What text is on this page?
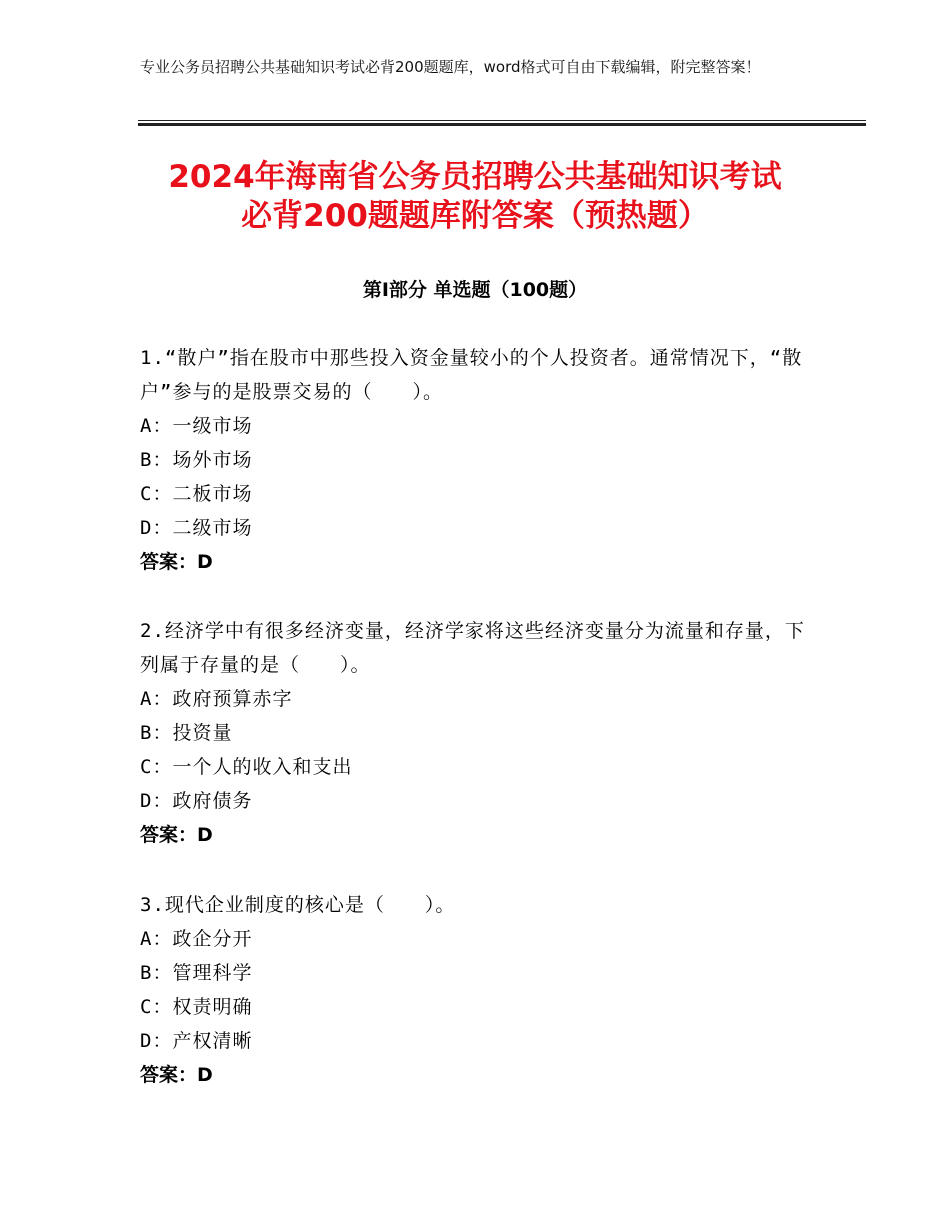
专业公务员招聘公共基础知识考试必背200题题库，word格式可自由下载编辑，附完整答案！
2024年海南省公务员招聘公共基础知识考试
必背200题题库附答案（预热题）
第Ⅰ部分 单选题（100题）

1.“散户”指在股市中那些投入资金量较小的个人投资者。通常情况下，“散户”参与的是股票交易的（　　）。

A：一级市场
B：场外市场
C：二板市场
D：二级市场
答案：D

2.经济学中有很多经济变量，经济学家将这些经济变量分为流量和存量，下列属于存量的是（　　）。

A：政府预算赤字
B：投资量
C：一个人的收入和支出
D：政府债务
答案：D

3.现代企业制度的核心是（　　）。

A：政企分开
B：管理科学
C：权责明确
D：产权清晰
答案：D
